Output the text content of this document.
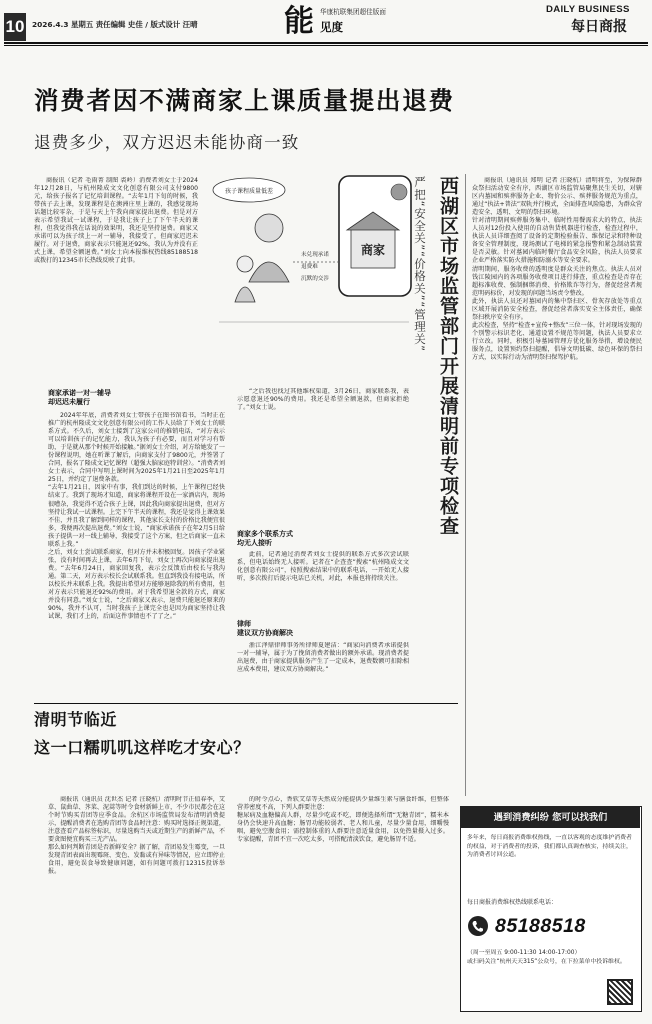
10 2026.4.3 星期五 责任编辑 史佳 / 版式设计 汪晴
华康杭联集团超佳版面
能 见度
DAILY BUSINESS
每日商报
消费者因不满商家上课质量提出退费
退费多少，双方迟迟未能协商一致

商报讯（记者 毛雨菁 制图 裘岭）消费者刘女士于2024年12月28日，与杭州隆成文文化创意有限公司支付9800元，给孩子报名了记忆培训课程。“去年1月下旬的时候，我带孩子去上课，发现课程是在澳洲庄里上课的，我感觉现场话题比较零杂，于是与天上午我向商家提出退费。但是对方表示希望我试一试课程，于是我让孩子上了下午半天的课程，但我觉得我在话说的效果明，我还是坚持退费。商家又承诺可以为孩子续上一对一辅导，我接受了，但商家迟迟未履行。对于退费，商家表示只能退还92%，我认为并没有正式上课，希望全额退费。”刘女士向本报维权热线85188518或拨打的12345市长热线反映了此事。

孩子课程质量低差
商家
未兑现承诺
退费难
沉默的交涉	西湖区市场监管部门开展清明前专项检查
严把“安全关”“价格关”“管理关”	商报讯（通讯员 郑明 记者 汪晓杭）清明将至，为保障群众祭扫活动安全有序，西湖区市场监管局聚焦民生关切，对辖区内墓园和殡葬服务企业、物价公示、殡葬服务规范为重点，通过“执法+普法”双轨并行模式，全面排查风险隐患，为群众营造安全、透明、文明的祭扫环境。
针对清明期间殡葬服务集中、临时性用餐需求大的特点，执法人员对12份投入使用的自动售货机器进行检查，检查过程中，执法人员详细查阅了设备的定期检验报告、维保记录和特种设备安全管理制度，现场测试了电梯的紧急报警和紧急制动装置是否灵敏。针对墓园内临时餐厅食品安全风险，执法人员要求企业严格落实防火措施和防溺水等安全要求。
清明期间，服务收费的透明度是群众关注的焦点。执法人员对钱江陵园内的各项服务收费项目进行排查，重点检查是否存在超标准收费、强制捆绑消费、价格欺诈等行为，督促经营者规范明码标价，对发现的问题当场责令整改。
此外，执法人员还对墓园内的集中祭扫区、骨灰存放处等重点区域开展消防安全检查，督促经营者落实安全主体责任，确保祭扫秩序安全有序。
此次检查，坚持“检查+宣传+整改”三位一体，针对现场发现的个别警示标识老化、通道设置不规范等问题，执法人员要求立行立改。同时，积极引导墓园管理方优化服务举措，增设便民服务点，设置预约祭扫提醒，倡导文明低碳、绿色环保的祭扫方式，以实际行动为清明祭扫保驾护航。

商家承诺一对一辅导
却迟迟未履行

2024年年底，消费者刘女士带孩子在图书馆看书，当时正在推广的杭州隆成文文化创意有限公司的工作人员给了下刘女士的联系方式。不久后，刘女士接到了这家公司的推销电话，“对方表示可以培训孩子的记忆能力，我认为孩子有必要，而且对学习有帮助，于是就从那个时候开始接触。”据刘女士介绍，对方给她发了一份课程说明，她在听课了解后，向商家支付了9800元，并签署了合同，报名了隆成文记忆课程（超强大脑家庭特训营）。“消费者刘女士表示，合同中写明上课时间为2025年1月21日至2025年1月25日，并约定了退费条款。
“去年1月21日，因家中有事，我们到达的时候，上午课程已经快结束了。我到了现场才知道，商家将课程开设在一家酒店内，现场很嘈杂，我觉得不适合孩子上课，因此我向商家提出退费，但对方坚持让我试一试课程。上完下午半天的课程，我还是觉得上课效果不佳，并且我了解到同样的课程，其他家长支付的价格比我便宜很多，我便再次提出退费。”刘女士说，“商家承诺孩子在年2月5日给孩子提供一对一线上辅导，我接受了这个方案，但之后商家一直未联系上我。”
之后，刘女士尝试联系商家，但对方并未积极回复。因孩子学业紧张，没有时间再去上课，去年6月下旬，刘女士再次向商家提出退费。“去年6月24日，商家回复我，表示会反馈后由校长与我沟通。第二天，对方表示校长会试联系我。但直到我没有接电话，所以校长并未联系上我。我提出希望对方能够退除我的所有费用，但对方表示只能退还92%的费用。对于我希望退全款的方式，商家并没有同意。”刘女士说，“之后商家又表示，退费只能退还原来的90%，我并不认可，当时我孩子上课完全也是因为商家坚持让我试课，我们才上的，后面这件事情也不了了之。”

“之后我也找过其他维权渠道，3月26日，商家联系我，表示愿意退还90%的费用。我还是希望全额退款，但商家拒绝了。”刘女士说。

商家多个联系方式
均无人接听

此前，记者通过消费者刘女士提供的联系方式多次尝试联系，但电话始终无人接听。记者在“企查查”搜索“杭州隆成文文化创意有限公司”，按照搜索结果中的联系电话，一开始无人接听，多次拨打后提示电话已关机，对此，本报也将持续关注。

律师
建议双方协商解决

浙江泽鼎律师事务所律师夏建洁：“商家向消费者承诺提供一对一辅导，属于为了挽留消费者做出的额外承诺。现消费者提出退费，由于商家提供服务产生了一定成本，退费数额可扣除相应成本费用，建议双方协商解决。”

清明节临近
这一口糯叽叽这样吃才安心？

商报讯（通讯员 沈世杰 记者 汪晓杭）清明时节正值春季，艾草、鼠曲草、荠菜、泥蒿等时令食材新鲜上市，不少市民都会在这个时节购买青团等应季食品。余杭区市场监管局发布清明消费提示，提醒消费者在选购青团等食品时注意：购买时选择正规渠道，注意查看产品标签标识，尽量选购当天或近期生产的新鲜产品，不要贪图便宜购买三无产品。
那么如何判断青团是否新鲜安全？据了解，青团易发生霉变，一旦发现青团表面出现霉斑、变色、发黏或有异味等情况，应立即停止食用，避免误食导致健康问题，如有问题可拨打12315投诉举报。

的时令点心，香软艾草等天然成分能提供少量维生素与膳食纤维，但整体营养密度不高，下列人群要注意：
糖尿病及血糖偏高人群，尽量少吃或不吃，即便选择所谓“无糖青团”，糯米本身仍会快速升高血糖；肠胃功能较弱者、老人和儿童，尽量少量食用，细嚼慢咽，避免空腹食用；需控制体重的人群要注意适量食用，以免热量摄入过多。专家提醒，青团不宜一次吃太多，可搭配清淡饮食，避免肠胃不适。

遇到消费纠纷 您可以找我们
多年来，每日商报消费维权热线，一直以客观的态度维护消费者的权益，对于消费者的投诉，我们都认真调查核实，持续关注，为消费者讨回公道。
每日商报消费维权热线联系电话：
85188518
（周一至周五 9:00-11:30 14:00-17:00）
或扫码关注“杭州天天315”公众号，在下拉菜单中投诉维权。
